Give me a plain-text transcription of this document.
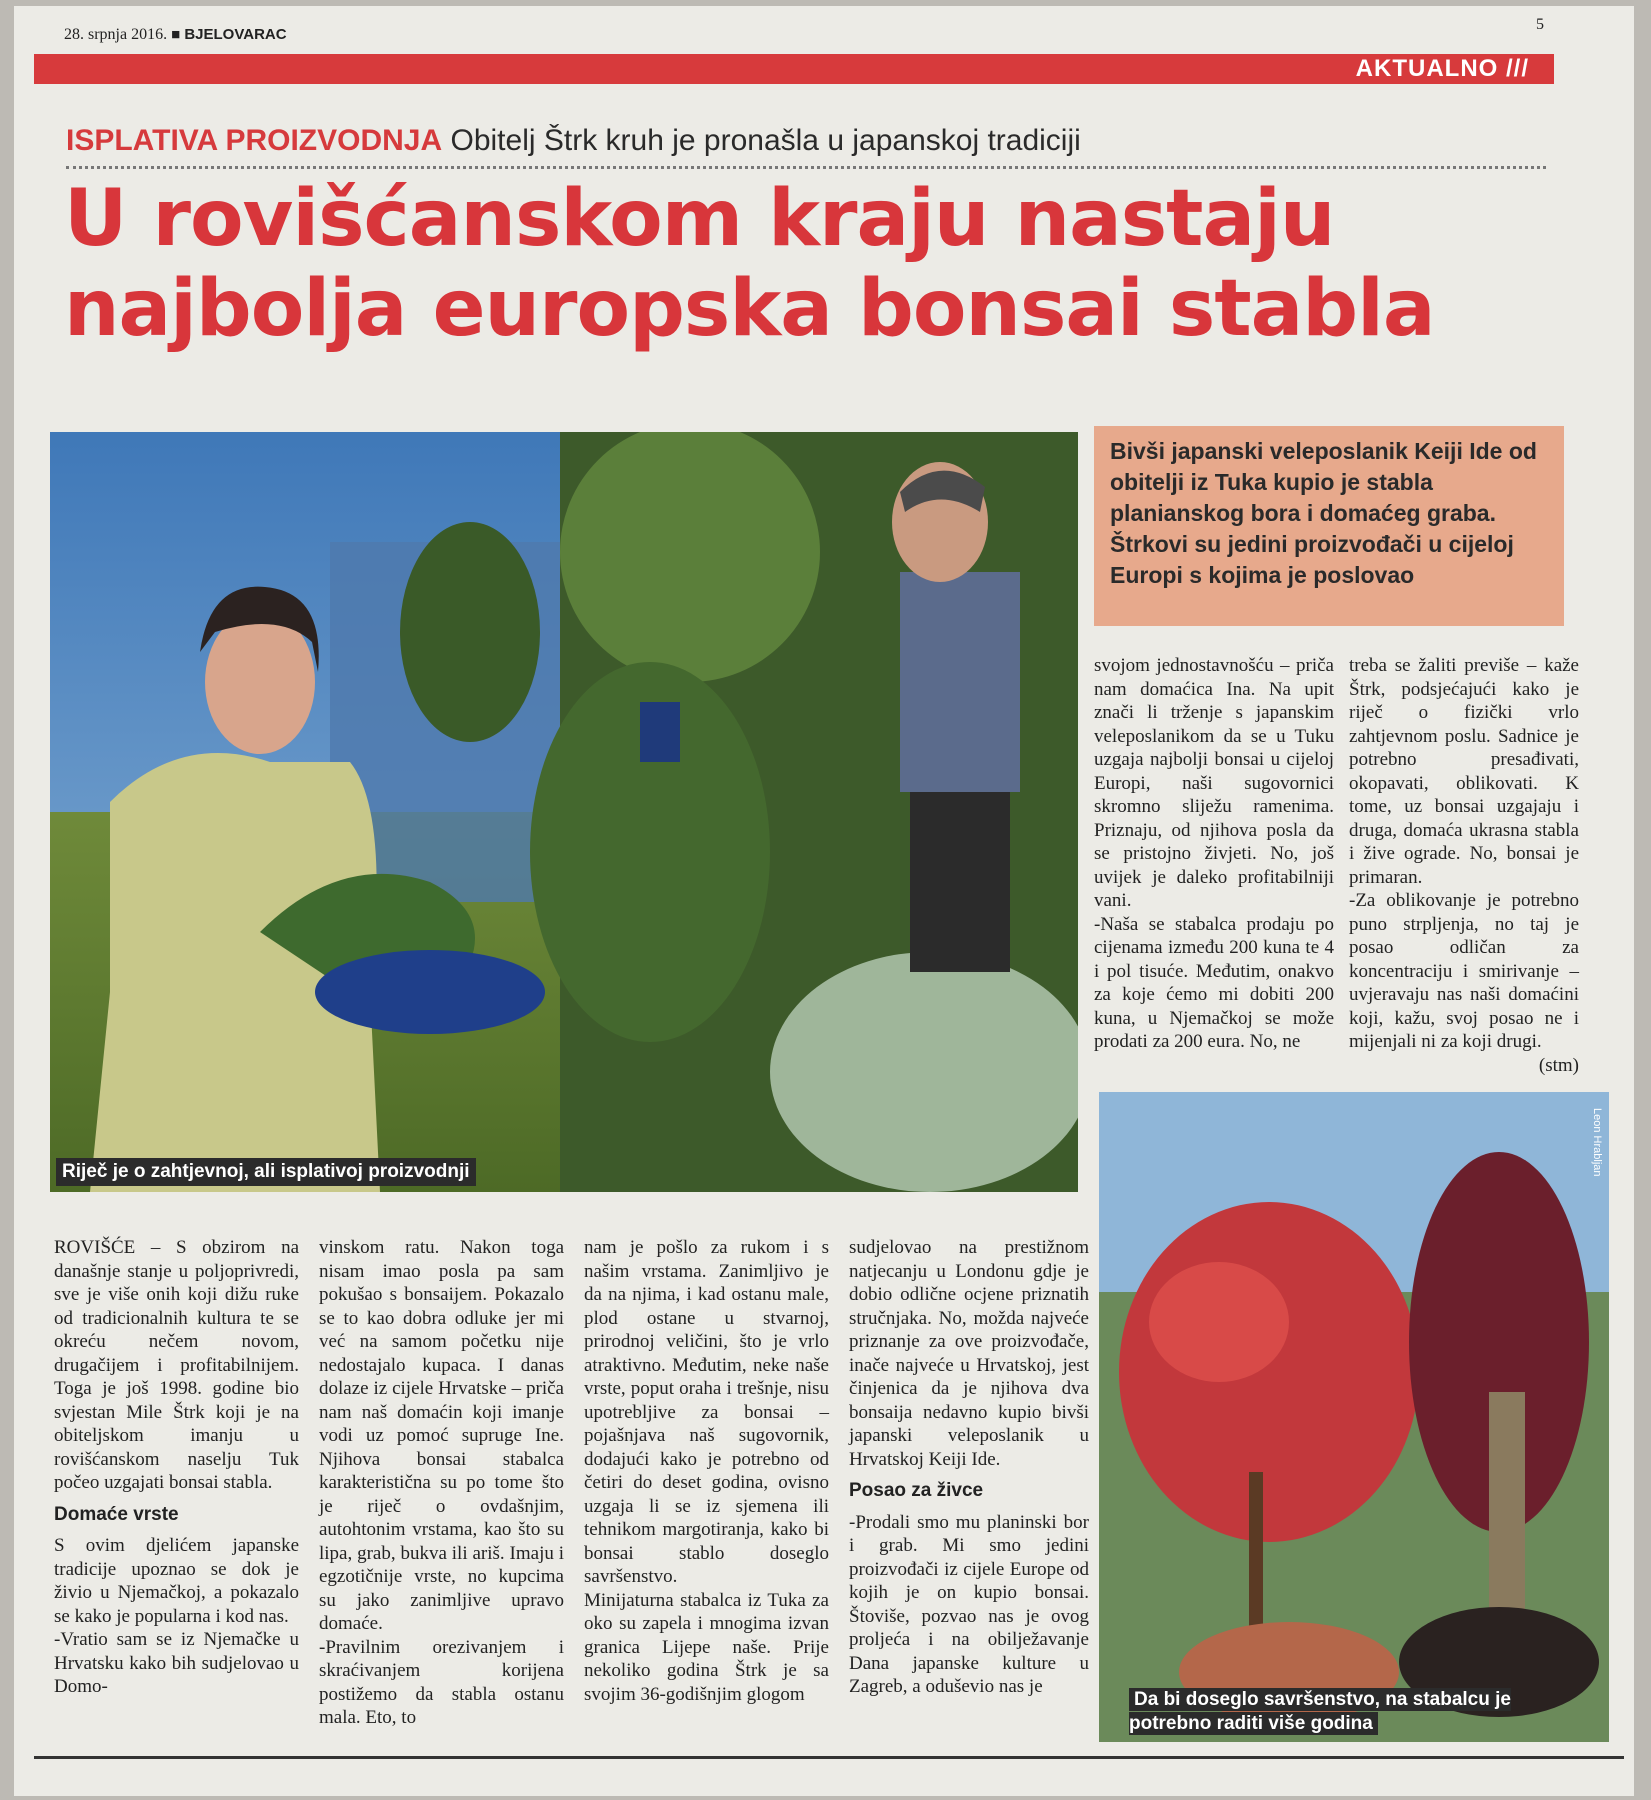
28. srpnja 2016. ■ BJELOVARAC
5
AKTUALNO ///
ISPLATIVA PROIZVODNJA Obitelj Štrk kruh je pronašla u japanskoj tradiciji
U rovišćanskom kraju nastaju
najbolja europska bonsai stabla
Riječ je o zahtjevnoj, ali isplativoj proizvodnji

Bivši japanski veleposlanik Keiji Ide od obitelji iz Tuka kupio je stabla planianskog bora i domaćeg graba. Štrkovi su jedini proizvođači u cijeloj Europi s kojima je poslovao

Leon Hrabljan
Da bi doseglo savršenstvo, na stabalcu je potrebno raditi više godina

ROVIŠĆE – S obzirom na današnje stanje u poljoprivredi, sve je više onih koji dižu ruke od tradicionalnih kultura te se okreću nečem novom, drugačijem i profitabilnijem. Toga je još 1998. godine bio svjestan Mile Štrk koji je na obiteljskom imanju u rovišćanskom naselju Tuk počeo uzgajati bonsai stabla.

Domaće vrste

S ovim djelićem japanske tradicije upoznao se dok je živio u Njemačkoj, a pokazalo se kako je popularna i kod nas.

-Vratio sam se iz Njemačke u Hrvatsku kako bih sudjelovao u Domo-

vinskom ratu. Nakon toga nisam imao posla pa sam pokušao s bonsaijem. Pokazalo se to kao dobra odluke jer mi već na samom početku nije nedostajalo kupaca. I danas dolaze iz cijele Hrvatske – priča nam naš domaćin koji imanje vodi uz pomoć supruge Ine. Njihova bonsai stabalca karakteristična su po tome što je riječ o ovdašnjim, autohtonim vrstama, kao što su lipa, grab, bukva ili ariš. Imaju i egzotičnije vrste, no kupcima su jako zanimljive upravo domaće.

-Pravilnim orezivanjem i skraćivanjem korijena postižemo da stabla ostanu mala. Eto, to

nam je pošlo za rukom i s našim vrstama. Zanimljivo je da na njima, i kad ostanu male, plod ostane u stvarnoj, prirodnoj veličini, što je vrlo atraktivno. Međutim, neke naše vrste, poput oraha i trešnje, nisu upotrebljive za bonsai – pojašnjava naš sugovornik, dodajući kako je potrebno od četiri do deset godina, ovisno uzgaja li se iz sjemena ili tehnikom margotiranja, kako bi bonsai stablo doseglo savršenstvo.

Minijaturna stabalca iz Tuka za oko su zapela i mnogima izvan granica Lijepe naše. Prije nekoliko godina Štrk je sa svojim 36-godišnjim glogom

sudjelovao na prestižnom natjecanju u Londonu gdje je dobio odlične ocjene priznatih stručnjaka. No, možda najveće priznanje za ove proizvođače, inače najveće u Hrvatskoj, jest činjenica da je njihova dva bonsaija nedavno kupio bivši japanski veleposlanik u Hrvatskoj Keiji Ide.

Posao za živce

-Prodali smo mu planinski bor i grab. Mi smo jedini proizvođači iz cijele Europe od kojih je on kupio bonsai. Štoviše, pozvao nas je ovog proljeća i na obilježavanje Dana japanske kulture u Zagreb, a oduševio nas je

svojom jednostavnošću – priča nam domaćica Ina. Na upit znači li trženje s japanskim veleposlanikom da se u Tuku uzgaja najbolji bonsai u cijeloj Europi, naši sugovornici skromno sliježu ramenima. Priznaju, od njihova posla da se pristojno živjeti. No, još uvijek je daleko profitabilniji vani.

-Naša se stabalca prodaju po cijenama između 200 kuna te 4 i pol tisuće. Međutim, onakvo za koje ćemo mi dobiti 200 kuna, u Njemačkoj se može prodati za 200 eura. No, ne

treba se žaliti previše – kaže Štrk, podsjećajući kako je riječ o fizički vrlo zahtjevnom poslu. Sadnice je potrebno presađivati, okopavati, oblikovati. K tome, uz bonsai uzgajaju i druga, domaća ukrasna stabla i žive ograde. No, bonsai je primaran.

-Za oblikovanje je potrebno puno strpljenja, no taj je posao odličan za koncentraciju i smirivanje – uvjeravaju nas naši domaćini koji, kažu, svoj posao ne i mijenjali ni za koji drugi.

(stm)
